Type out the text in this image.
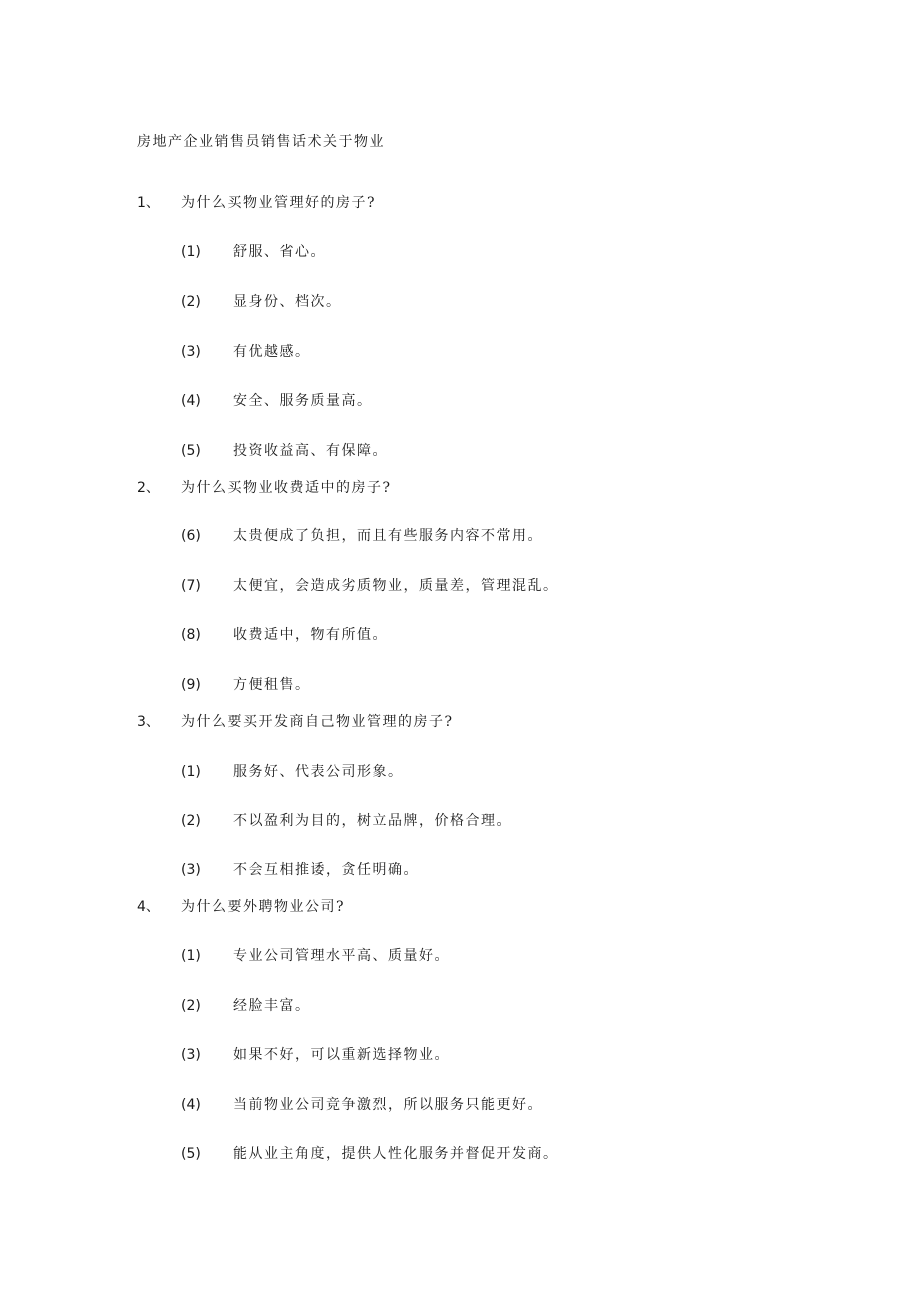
房地产企业销售员销售话术关于物业
1、 为什么买物业管理好的房子?
(1) 舒服、省心。
(2) 显身份、档次。
(3) 有优越感。
(4) 安全、服务质量高。
(5) 投资收益高、有保障。
2、 为什么买物业收费适中的房子?
(6) 太贵便成了负担，而且有些服务内容不常用。
(7) 太便宜，会造成劣质物业，质量差，管理混乱。
(8) 收费适中，物有所值。
(9) 方便租售。
3、 为什么要买开发商自己物业管理的房子?
(1) 服务好、代表公司形象。
(2) 不以盈利为目的，树立品牌，价格合理。
(3) 不会互相推诿，贪任明确。
4、 为什么要外聘物业公司?
(1) 专业公司管理水平高、质量好。
(2) 经脸丰富。
(3) 如果不好，可以重新选择物业。
(4) 当前物业公司竞争激烈，所以服务只能更好。
(5) 能从业主角度，提供人性化服务并督促开发商。
